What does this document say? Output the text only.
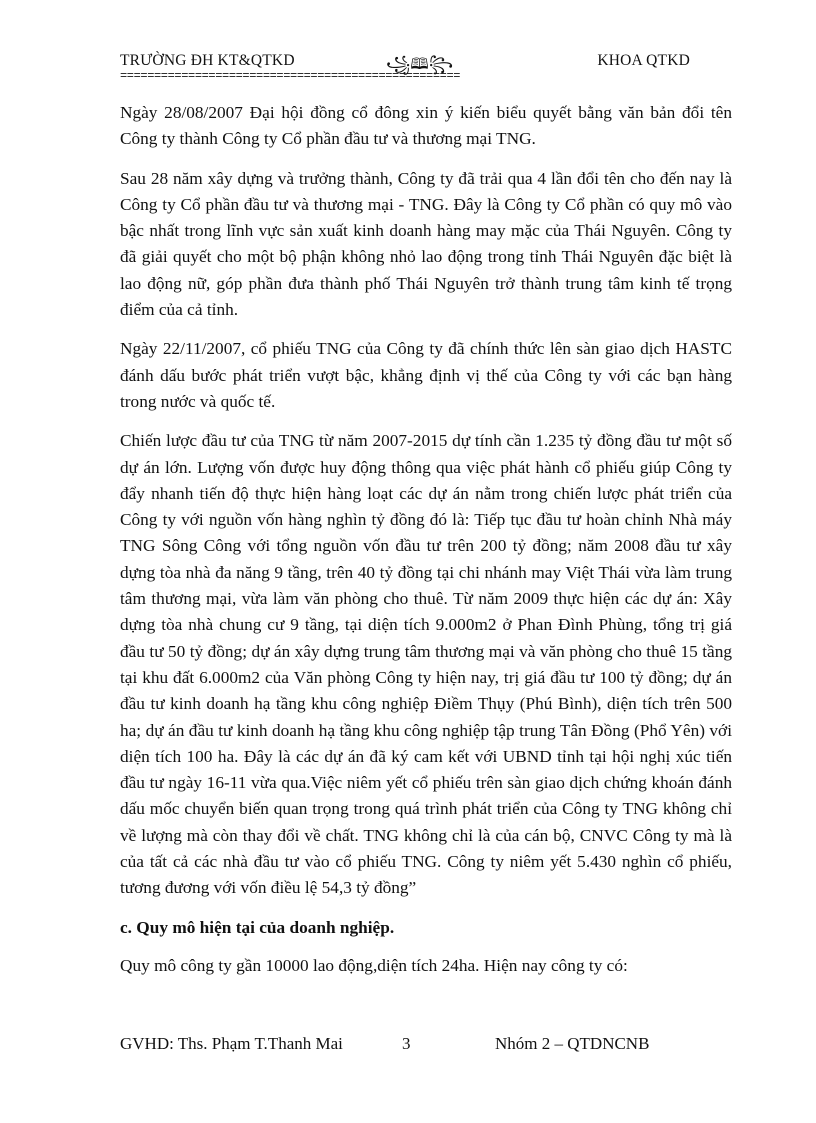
TRƯỜNG ĐH KT&QTKD	꧁🕮꧂	KHOA QTKD
==================================================

Ngày 28/08/2007 Đại hội đồng cổ đông xin ý kiến biểu quyết bằng văn bản đổi tên Công ty thành Công ty Cổ phần đầu tư và thương mại TNG.

Sau 28 năm xây dựng và trưởng thành, Công ty đã trải qua 4 lần đổi tên cho đến nay là Công ty Cổ phần đầu tư và thương mại - TNG. Đây là Công ty Cổ phần có quy mô vào bậc nhất trong lĩnh vực sản xuất kinh doanh hàng may mặc của Thái Nguyên. Công ty đã giải quyết cho một bộ phận không nhỏ lao động trong tỉnh Thái Nguyên đặc biệt là lao động nữ, góp phần đưa thành phố Thái Nguyên trở thành trung tâm kinh tế trọng điểm của cả tỉnh.

Ngày 22/11/2007, cổ phiếu TNG của Công ty đã chính thức lên sàn giao dịch HASTC đánh dấu bước phát triển vượt bậc, khẳng định vị thế của Công ty với các bạn hàng trong nước và quốc tế.

Chiến lược đầu tư của TNG từ năm 2007-2015 dự tính cần 1.235 tỷ đồng đầu tư một số dự án lớn. Lượng vốn được huy động thông qua việc phát hành cổ phiếu giúp Công ty đẩy nhanh tiến độ thực hiện hàng loạt các dự án nằm trong chiến lược phát triển của Công ty với nguồn vốn hàng nghìn tỷ đồng đó là: Tiếp tục đầu tư hoàn chỉnh Nhà máy TNG Sông Công với tổng nguồn vốn đầu tư trên 200 tỷ đồng; năm 2008 đầu tư xây dựng tòa nhà đa năng 9 tầng, trên 40 tỷ đồng tại chi nhánh may Việt Thái vừa làm trung tâm thương mại, vừa làm văn phòng cho thuê. Từ năm 2009 thực hiện các dự án: Xây dựng tòa nhà chung cư 9 tầng, tại diện tích 9.000m2 ở Phan Đình Phùng, tổng trị giá đầu tư 50 tỷ đồng; dự án xây dựng trung tâm thương mại và văn phòng cho thuê 15 tầng tại khu đất 6.000m2 của Văn phòng Công ty hiện nay, trị giá đầu tư 100 tỷ đồng; dự án đầu tư kinh doanh hạ tầng khu công nghiệp Điềm Thụy (Phú Bình), diện tích trên 500 ha; dự án đầu tư kinh doanh hạ tầng khu công nghiệp tập trung Tân Đồng (Phổ Yên) với diện tích 100 ha. Đây là các dự án đã ký cam kết với UBND tỉnh tại hội nghị xúc tiến đầu tư ngày 16-11 vừa qua.Việc niêm yết cổ phiếu trên sàn giao dịch chứng khoán đánh dấu mốc chuyển biến quan trọng trong quá trình phát triển của Công ty TNG không chỉ về lượng mà còn thay đổi về chất. TNG không chỉ là của cán bộ, CNVC Công ty mà là của tất cả các nhà đầu tư vào cổ phiếu TNG. Công ty niêm yết 5.430 nghìn cổ phiếu, tương đương với vốn điều lệ 54,3 tỷ đồng”

c. Quy mô hiện tại của doanh nghiệp.

Quy mô công ty gần 10000 lao động,diện tích 24ha. Hiện nay công ty có:

GVHD: Ths. Phạm T.Thanh Mai	3	Nhóm 2 – QTDNCNB
